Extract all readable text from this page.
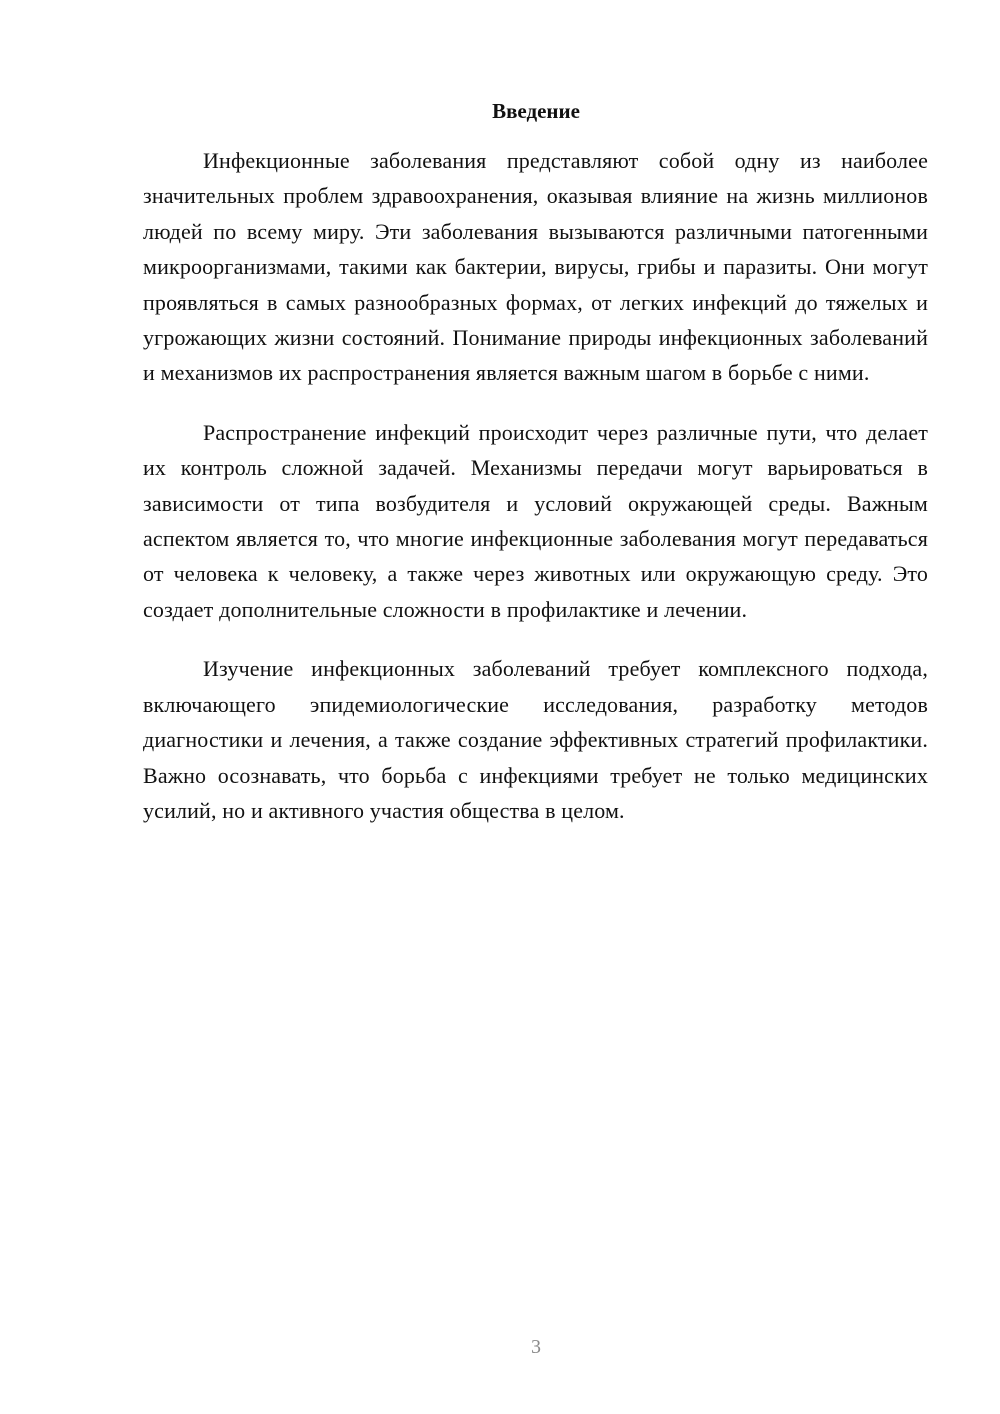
Введение

Инфекционные заболевания представляют собой одну из наиболее значительных проблем здравоохранения, оказывая влияние на жизнь миллионов людей по всему миру. Эти заболевания вызываются различными патогенными микроорганизмами, такими как бактерии, вирусы, грибы и паразиты. Они могут проявляться в самых разнообразных формах, от легких инфекций до тяжелых и угрожающих жизни состояний. Понимание природы инфекционных заболеваний и механизмов их распространения является важным шагом в борьбе с ними.

Распространение инфекций происходит через различные пути, что делает их контроль сложной задачей. Механизмы передачи могут варьироваться в зависимости от типа возбудителя и условий окружающей среды. Важным аспектом является то, что многие инфекционные заболевания могут передаваться от человека к человеку, а также через животных или окружающую среду. Это создает дополнительные сложности в профилактике и лечении.

Изучение инфекционных заболеваний требует комплексного подхода, включающего эпидемиологические исследования, разработку методов диагностики и лечения, а также создание эффективных стратегий профилактики. Важно осознавать, что борьба с инфекциями требует не только медицинских усилий, но и активного участия общества в целом.

3
